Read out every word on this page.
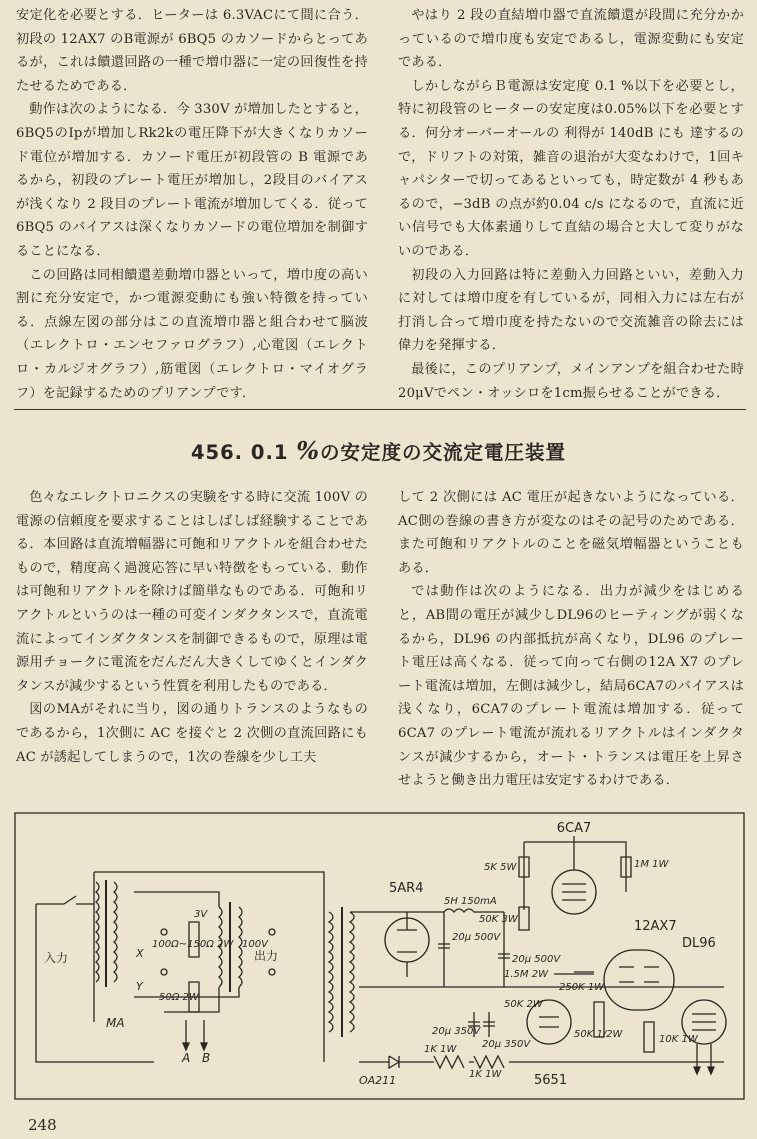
安定化を必要とする．ヒーターは 6.3VACにて間に合う．初段の 12AX7 のB電源が 6BQ5 のカソードからとってあるが，これは饋還回路の一種で増巾器に一定の回復性を持たせるためである．

動作は次のようになる．今 330V が増加したとすると，6BQ5のIpが増加しRk2kの電圧降下が大きくなりカソード電位が増加する．カソード電圧が初段管の B 電源であるから，初段のプレート電圧が増加し，2段目のバイアスが浅くなり 2 段目のプレート電流が増加してくる．従って6BQ5 のバイアスは深くなりカソードの電位増加を制御することになる．

この回路は同相饋還差動増巾器といって，増巾度の高い割に充分安定で，かつ電源変動にも強い特徴を持っている．点線左図の部分はこの直流増巾器と組合わせて脳波（エレクトロ・エンセファログラフ）,心電図（エレクトロ・カルジオグラフ）,筋電図（エレクトロ・マイオグラフ）を記録するためのプリアンプです．

やはり 2 段の直結増巾器で直流饋還が段間に充分かかっているので増巾度も安定であるし，電源変動にも安定である．

しかしながらＢ電源は安定度 0.1 %以下を必要とし，特に初段管のヒーターの安定度は0.05%以下を必要とする．何分オーバーオールの 利得が 140dB にも 達するので，ドリフトの対策，雑音の退治が大変なわけで，1回キャパシターで切ってあるといっても，時定数が 4 秒もあるので，−3dB の点が約0.04 c/s になるので，直流に近い信号でも大体素通りして直結の場合と大して変りがないのである．

初段の入力回路は特に差動入力回路といい，差動入力に対しては増巾度を有しているが，同相入力には左右が打消し合って増巾度を持たないので交流雑音の除去には偉力を発揮する．

最後に，このプリアンプ，メインアンプを組合わせた時20μVでペン・オッシロを1cm振らせることができる．

456. 0.1 %の安定度の交流定電圧装置

色々なエレクトロニクスの実験をする時に交流 100V の電源の信頼度を要求することはしばしば経験することである．本回路は直流増幅器に可飽和リアクトルを組合わせたもので，精度高く過渡応答に早い特徴をもっている．動作は可飽和リアクトルを除けば簡単なものである．可飽和リアクトルというのは一種の可変インダクタンスで，直流電流によってインダクタンスを制御できるもので，原理は電源用チョークに電流をだんだん大きくしてゆくとインダクタンスが減少するという性質を利用したものである．

図のMAがそれに当り，図の通りトランスのようなものであるから，1次側に AC を接ぐと 2 次側の直流回路にも AC が誘起してしまうので，1次の巻線を少し工夫

して 2 次側には AC 電圧が起きないようになっている．AC側の巻線の書き方が変なのはその記号のためである．また可飽和リアクトルのことを磁気増幅器ということもある．

では動作は次のようになる．出力が減少をはじめると，AB間の電圧が減少しDL96のヒーティングが弱くなるから，DL96 の内部抵抗が高くなり，DL96 のプレート電圧は高くなる．従って向って右側の12A X7 のプレート電流は増加，左側は減少し，結局6CA7のバイアスは浅くなり，6CA7のプレート電流は増加する．従って6CA7 のプレート電流が流れるリアクトルはインダクタンスが減少するから，オート・トランスは電圧を上昇させようと働き出力電圧は安定するわけである．

6CA7
5AR4
12AX7
DL96
5651
OA211
入力	出力
MA
A B
X
Y
5H 150mA
20μ 500V
20μ 500V
20μ 350V
20μ 350V
5K 5W
50K 3W
1M 1W
1.5M 2W
250K 1W
50K 2W
50K 1/2W	10K 1W
1K 1W
1K 1W
100Ω~150Ω 2W
50Ω 2W
3V
100V
248
